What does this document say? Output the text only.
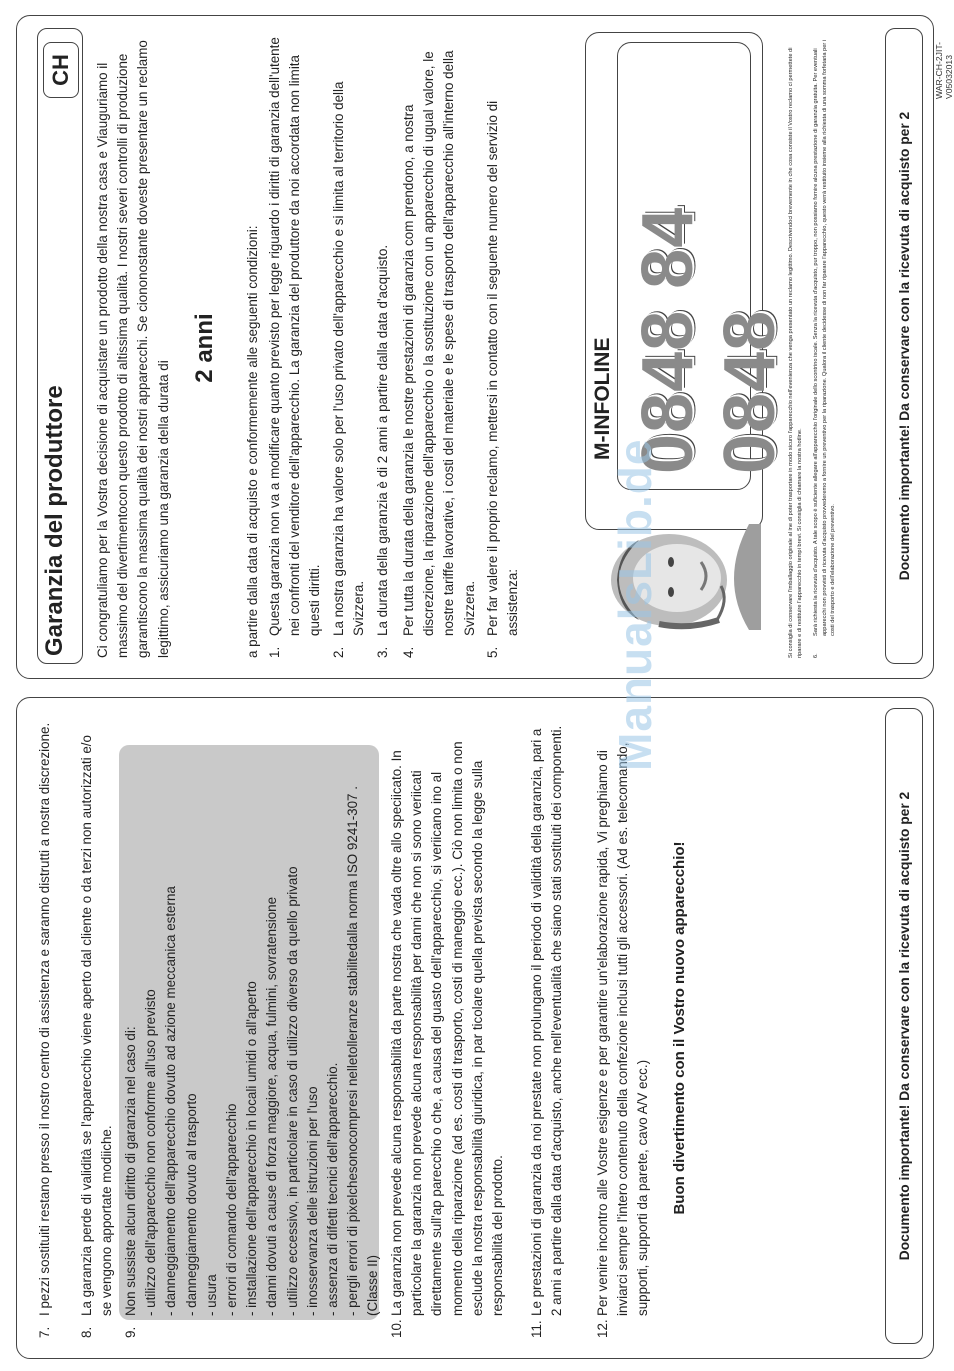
7.
I pezzi sostituiti restano presso il nostro centro di assistenza e saranno distrutti a nostra discrezione.
8.
La garanzia perde di validità se l'apparecchio viene aperto dal cliente o da terzi non autorizzati e/o se vengono apportate modiiche.
9.
Non sussiste alcun diritto di garanzia nel caso di: - utilizzo dell'apparecchio non conforme all'uso previsto - danneggiamento dell'apparecchio dovuto ad azione meccanica esterna - danneggiamento dovuto al trasporto - usura - errori di comando dell'apparecchio - installazione dell'apparecchio in locali umidi o all'aperto - danni dovuti a cause di forza maggiore, acqua, fulmini, sovratensione - utilizzo eccessivo, in particolare in caso di utilizzo diverso da quello privato - inosservanza delle istruzioni per l'uso - assenza di difetti tecnici dell'apparecchio. - pergli errori di pixelchesonocompresi nelletolleranze stabilitedalla norma ISO 9241-307 . (Classe II)
10.
La garanzia non prevede alcuna responsabilità da parte nostra che vada oltre allo speciicato. In particolare la garanzia non prevede alcuna responsabilità per danni che non si sono veriicati direttamente sull'ap parecchio o che, a causa del guasto dell'apparecchio, si veriicano ino al momento della riparazione (ad es. costi di trasporto, costi di maneggio ecc.). Ciò non limita o non esclude la nostra responsabilità giuridica, in par ticolare quella prevista secondo la legge sulla responsabilità del prodotto.
11.
Le prestazioni di garanzia da noi prestate non prolungano il periodo di validità della garanzia, pari a 2 anni a partire dalla data d'acquisto, anche nell'eventualità che siano stati sostituiti dei componenti.
12.
Per venire incontro alle Vostre esigenze e per garantire un'elaborazione rapida, Vi preghiamo di inviarci sempre l'intero contenuto della confezione inclusi tutti gli accessori. (Ad es. telecomando, supporti, supporti da parete, cavo A/V ecc.) Buon divertimento con il Vostro nuovo apparecchio!	Documento importante! Da conservare con la ricevuta di acquisto per 2
Garanzia del produttore
CH	Ci congratuliamo per la Vostra decisione di acquistare un prodotto della nostra casa e Viauguriamo il massimo del divertimentocon questo prodotto di altissima qualità. I nostri severi controlli di produzione garantiscono la massima qualità dei nostri apparecchi. Se ciononostante doveste presentare un reclamo legittimo, assicuriamo una garanzia della durata di
2 anni a partire dalla data di acquisto e conformemente alle seguenti condizioni: 1.
Questa garanzia non va a modificare quanto previsto per legge riguardo i diritti di garanzia dell'utente nei confronti del venditore dell'apparecchio. La garanzia del produttore da noi accordata non limita questi diritti.
2.
La nostra garanzia ha valore solo per l'uso privato dell'apparecchio e si limita al territorio della Svizzera.
3.
La durata della garanzia è di 2 anni a partire dalla data d'acquisto.
4.
Per tutta la durata della garanzia le nostre prestazioni di garanzia com prendono, a nostra discrezione, la riparazione dell'apparecchio o la sostituzione con un apparecchio di ugual valore, le nostre tariffe lavorative, i costi del materiale e le spese di trasporto dell'apparecchio all'interno della Svizzera.
5.
Per far valere il proprio reclamo, mettersi in contatto con il seguente numero del servizio di assistenza:
M-INFOLINE 0848 84 0848
Si consiglia di conservare l'imballaggio originale al ine di poter trasportare in modo sicuro l'apparecchio nell'evenienza che venga presentato un reclamo legittimo. Descrivendoci brevemente in che cosa consiste il Vostro reclamo ci permettete di riparare e di restituire l'apparecchio in tempi brevi. Si consiglia di chiamare la nostra hotline. 6.
Sarà richiesta la ricevuta d'acquisto. A tale scopo è suficiente allegare all'apparecchio l'originale dello scontrino iscale. Senza la ricevuta d'acquisto, pur troppo, non possiamo fornire alcuna prestazione di garanzia gratuita. Per eventuali apparecchi non provvisti di ricevuta d'acquisto provvederemo a fornire un preventivo per la riparazione. Qualora il cliente decidesse di non far riparare l'apparecchio, questo verrà restituito insieme alla richiesta di una somma forfetaria per i costi del trasporto e dell'elaborazione del preventivo.	Documento importante! Da conservare con la ricevuta di acquisto per 2
ManualsLib.de
WAR-CH-2JIT-V05032013
